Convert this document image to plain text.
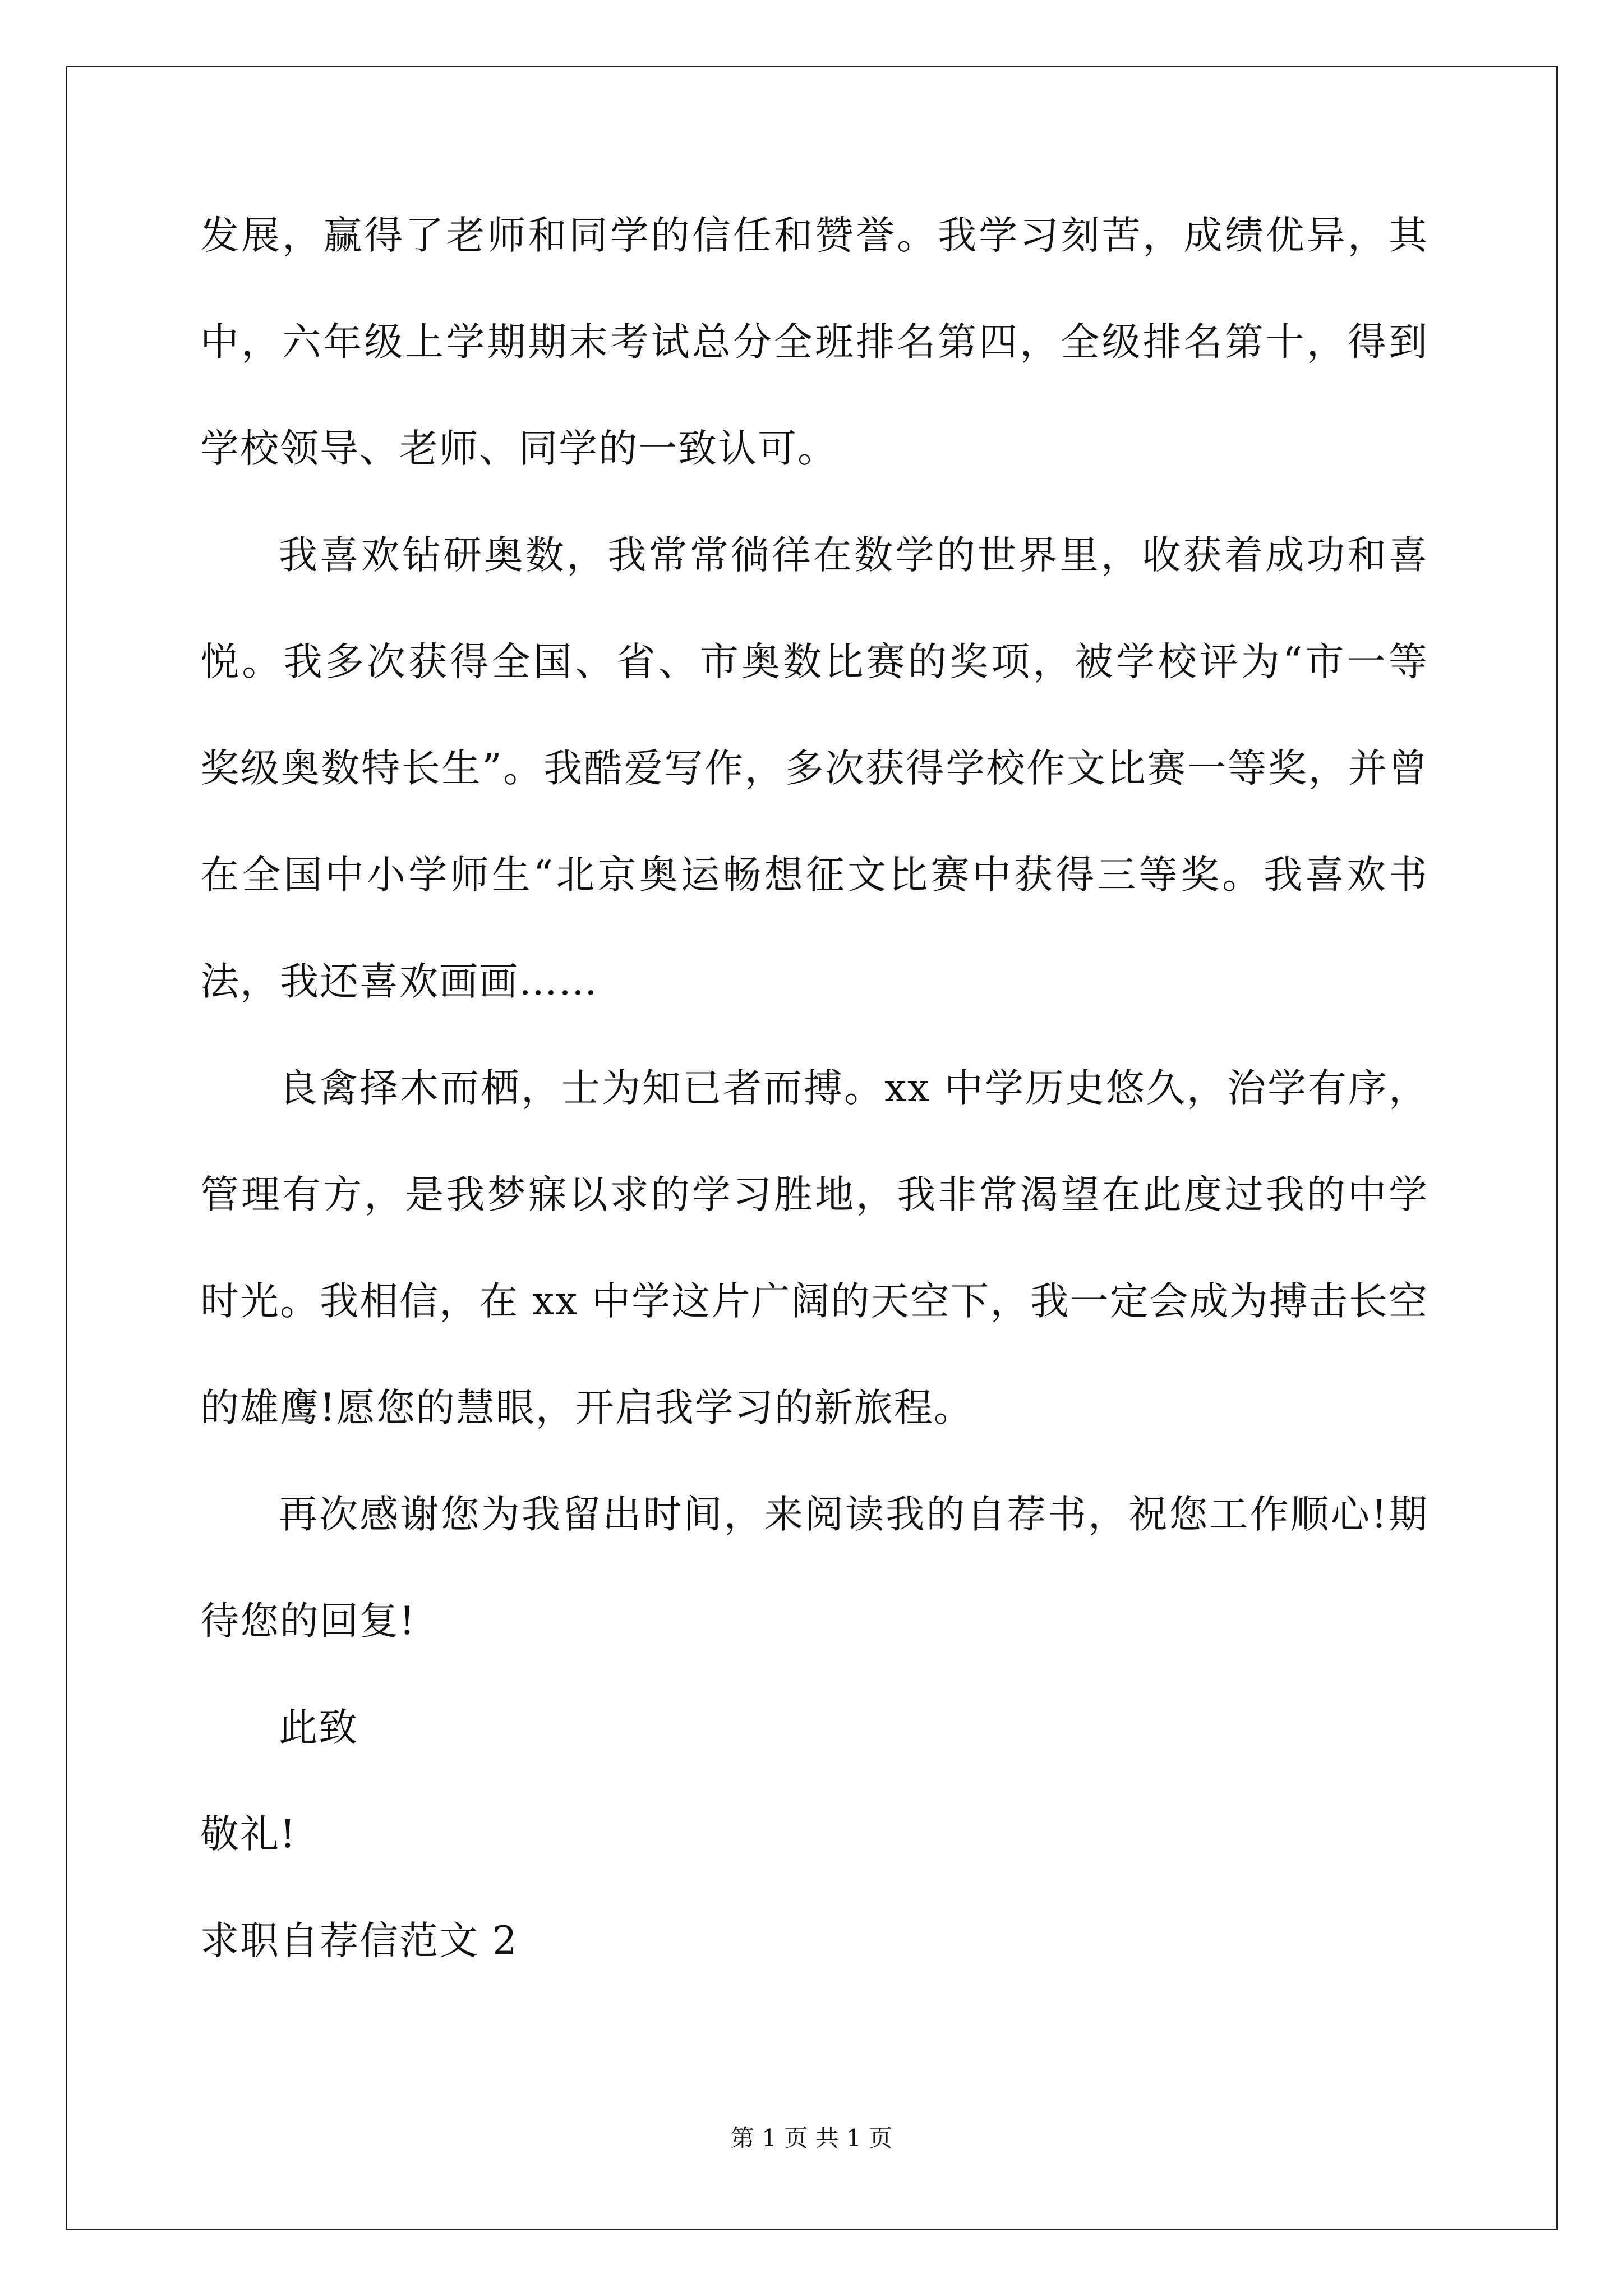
发展，赢得了老师和同学的信任和赞誉。我学习刻苦，成绩优异，其
中，六年级上学期期末考试总分全班排名第四，全级排名第十，得到
学校领导、老师、同学的一致认可。
我喜欢钻研奥数，我常常徜徉在数学的世界里，收获着成功和喜
悦。我多次获得全国、省、市奥数比赛的奖项，被学校评为“市一等
奖级奥数特长生”。我酷爱写作，多次获得学校作文比赛一等奖，并曾
在全国中小学师生“北京奥运畅想征文比赛中获得三等奖。我喜欢书
法，我还喜欢画画……
良禽择木而栖，士为知已者而搏。xx 中学历史悠久，治学有序，
管理有方，是我梦寐以求的学习胜地，我非常渴望在此度过我的中学
时光。我相信，在 xx 中学这片广阔的天空下，我一定会成为搏击长空
的雄鹰!愿您的慧眼，开启我学习的新旅程。
再次感谢您为我留出时间，来阅读我的自荐书，祝您工作顺心!期
待您的回复!
此致
敬礼!
求职自荐信范文 2
第 1 页 共 1 页
